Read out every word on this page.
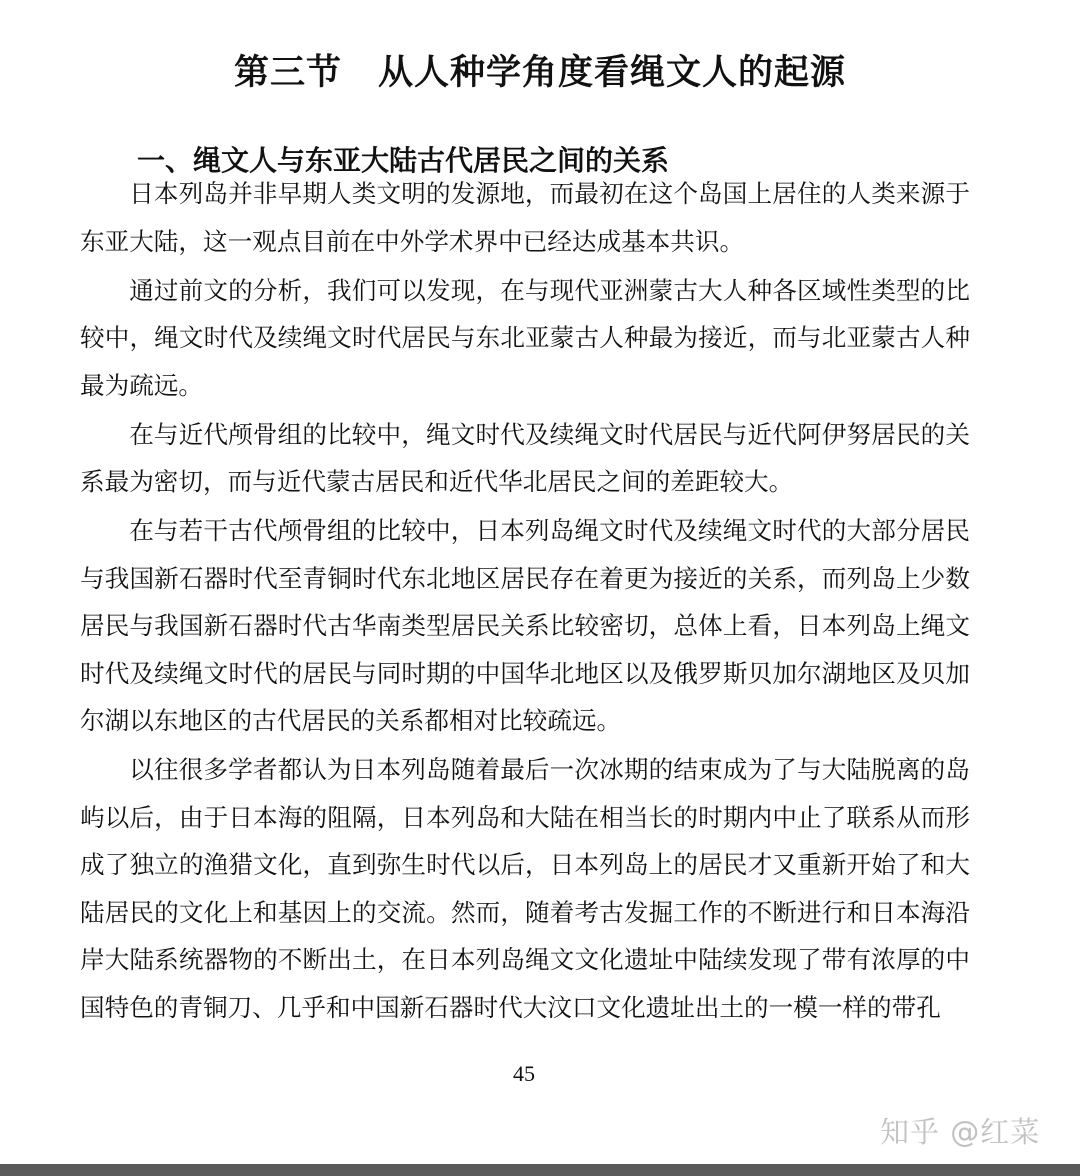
第三节　从人种学角度看绳文人的起源
一、绳文人与东亚大陆古代居民之间的关系

日本列岛并非早期人类文明的发源地，而最初在这个岛国上居住的人类来源于东亚大陆，这一观点目前在中外学术界中已经达成基本共识。

通过前文的分析，我们可以发现，在与现代亚洲蒙古大人种各区域性类型的比较中，绳文时代及续绳文时代居民与东北亚蒙古人种最为接近，而与北亚蒙古人种最为疏远。

在与近代颅骨组的比较中，绳文时代及续绳文时代居民与近代阿伊努居民的关系最为密切，而与近代蒙古居民和近代华北居民之间的差距较大。

在与若干古代颅骨组的比较中，日本列岛绳文时代及续绳文时代的大部分居民与我国新石器时代至青铜时代东北地区居民存在着更为接近的关系，而列岛上少数居民与我国新石器时代古华南类型居民关系比较密切，总体上看，日本列岛上绳文时代及续绳文时代的居民与同时期的中国华北地区以及俄罗斯贝加尔湖地区及贝加尔湖以东地区的古代居民的关系都相对比较疏远。

以往很多学者都认为日本列岛随着最后一次冰期的结束成为了与大陆脱离的岛屿以后，由于日本海的阻隔，日本列岛和大陆在相当长的时期内中止了联系从而形成了独立的渔猎文化，直到弥生时代以后，日本列岛上的居民才又重新开始了和大陆居民的文化上和基因上的交流。然而，随着考古发掘工作的不断进行和日本海沿岸大陆系统器物的不断出土，在日本列岛绳文文化遗址中陆续发现了带有浓厚的中国特色的青铜刀、几乎和中国新石器时代大汶口文化遗址出土的一模一样的带孔

45
知乎 @红菜
